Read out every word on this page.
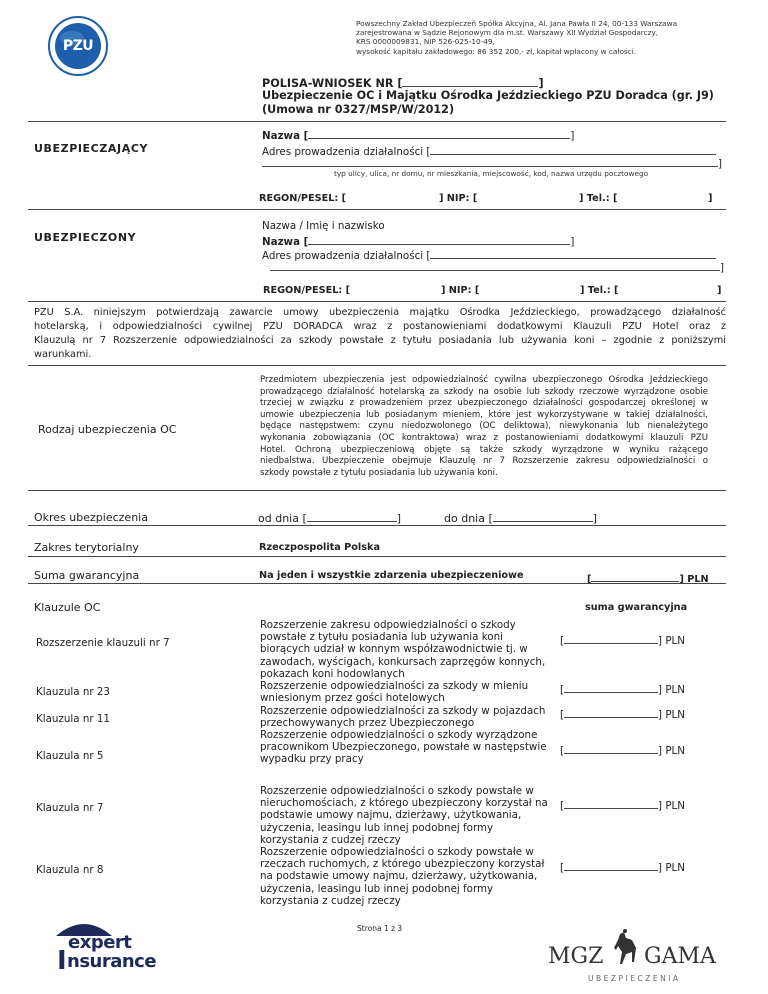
PZU
Powszechny Zakład Ubezpieczeń Spółka Akcyjna, Al. Jana Pawła II 24, 00-133 Warszawa
zarejestrowana w Sądzie Rejonowym dla m.st. Warszawy XII Wydział Gospodarczy,
KRS 0000009831, NIP 526-025-10-49,
wysokość kapitału zakładowego: 86 352 200,- zł, kapitał wpłacony w całości.
POLISA-WNIOSEK NR [	]
Ubezpieczenie OC i Majątku Ośrodka Jeździeckiego PZU Doradca (gr. J9)
(Umowa nr 0327/MSP/W/2012)
UBEZPIECZAJĄCY
Nazwa [	]
Adres prowadzenia działalności [
]
typ ulicy, ulica, nr domu, nr mieszkania, miejscowość, kod, nazwa urzędu pocztowego
REGON/PESEL: [	] NIP: [	] Tel.: [	]
UBEZPIECZONY
Nazwa / Imię i nazwisko
Nazwa [	]
Adres prowadzenia działalności [
]
REGON/PESEL: [	] NIP: [	] Tel.: [	]
PZU S.A. niniejszym potwierdzają zawarcie umowy ubezpieczenia majątku Ośrodka Jeździeckiego, prowadzącego działalność
hotelarską, i odpowiedzialności cywilnej PZU DORADCA wraz z postanowieniami dodatkowymi Klauzuli PZU Hotel oraz z
Klauzulą nr 7 Rozszerzenie odpowiedzialności za szkody powstałe z tytułu posiadania lub używania koni – zgodnie z poniższymi
warunkami.
Rodzaj ubezpieczenia OC
Przedmiotem ubezpieczenia jest odpowiedzialność cywilna ubezpieczonego Ośrodka Jeździeckiego
prowadzącego działalność hotelarską za szkody na osobie lub szkody rzeczowe wyrządzone osobie
trzeciej w związku z prowadzeniem przez ubezpieczonego działalności gospodarczej określonej w
umowie ubezpieczenia lub posiadanym mieniem, które jest wykorzystywane w takiej działalności,
będące następstwem: czynu niedozwolonego (OC deliktowa), niewykonania lub nienależytego
wykonania zobowiązania (OC kontraktowa) wraz z postanowieniami dodatkowymi klauzuli PZU
Hotel. Ochroną ubezpieczeniową objęte są także szkody wyrządzone w wyniku rażącego
niedbalstwa. Ubezpieczenie obejmuje Klauzulę nr 7 Rozszerzenie zakresu odpowiedzialności o
szkody powstałe z tytułu posiadania lub używania koni.
Okres ubezpieczenia	od dnia [	]	do dnia [	]
Zakres terytorialny	Rzeczpospolita Polska
Suma gwarancyjna	Na jeden i wszystkie zdarzenia ubezpieczeniowe	[	] PLN
Klauzule OC	suma gwarancyjna
Rozszerzenie klauzuli nr 7
Rozszerzenie zakresu odpowiedzialności o szkody
powstałe z tytułu posiadania lub używania koni
biorących udział w konnym współzawodnictwie tj. w
zawodach, wyścigach, konkursach zaprzęgów konnych,
pokazach koni hodowlanych
[	] PLN
Klauzula nr 23	Rozszerzenie odpowiedzialności za szkody w mieniu
wniesionym przez gości hotelowych
[	] PLN
Klauzula nr 11
Rozszerzenie odpowiedzialności za szkody w pojazdach
przechowywanych przez Ubezpieczonego
[	] PLN
Klauzula nr 5
Rozszerzenie odpowiedzialności o szkody wyrządzone
pracownikom Ubezpieczonego, powstałe w następstwie
wypadku przy pracy
[	] PLN
Klauzula nr 7
Rozszerzenie odpowiedzialności o szkody powstałe w
nieruchomościach, z którego ubezpieczony korzystał na
podstawie umowy najmu, dzierżawy, użytkowania,
użyczenia, leasingu lub innej podobnej formy
korzystania z cudzej rzeczy
[	] PLN
Klauzula nr 8
Rozszerzenie odpowiedzialności o szkody powstałe w
rzeczach ruchomych, z którego ubezpieczony korzystał
na podstawie umowy najmu, dzierżawy, użytkowania,
użyczenia, leasingu lub innej podobnej formy
korzystania z cudzej rzeczy
[	] PLN
Strona 1 z 3
expert
I nsurance	MGZ GAMA
UBEZPIECZENIA
